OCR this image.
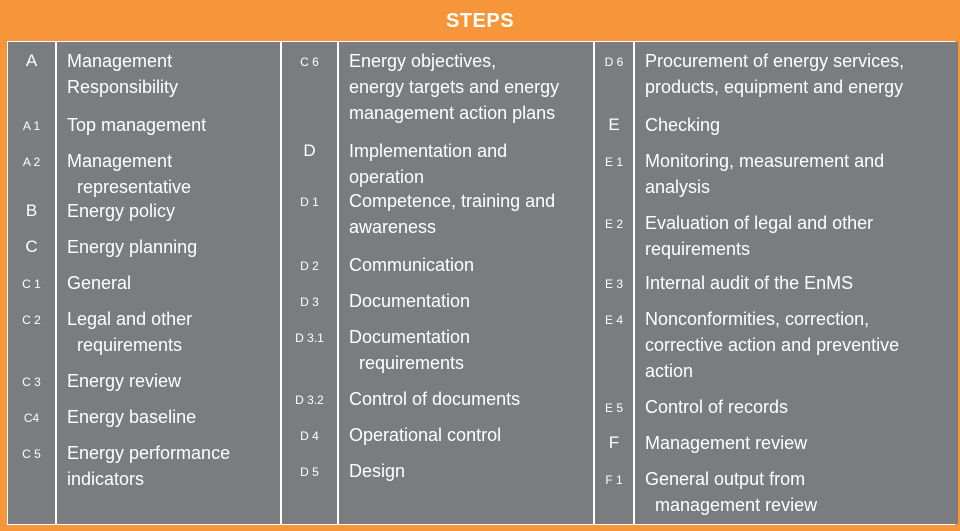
STEPS
A
A 1
A 2
B
C
C 1
C 2
C 3
C4
C 5
Management
Responsibility
Top management
Management
representative
Energy policy
Energy planning
General
Legal and other
requirements
Energy review
Energy baseline
Energy performance
indicators
C 6
D
D 1
D 2
D 3
D 3.1
D 3.2
D 4
D 5
Energy objectives,
energy targets and energy
management action plans
Implementation and
operation
Competence, training and
awareness
Communication
Documentation
Documentation
requirements
Control of documents
Operational control
Design
D 6
E
E 1
E 2
E 3
E 4
E 5
F
F 1
Procurement of energy services,
products, equipment and energy
Checking
Monitoring, measurement and
analysis
Evaluation of legal and other
requirements
Internal audit of the EnMS
Nonconformities, correction,
corrective action and preventive
action
Control of records
Management review
General output from
management review
